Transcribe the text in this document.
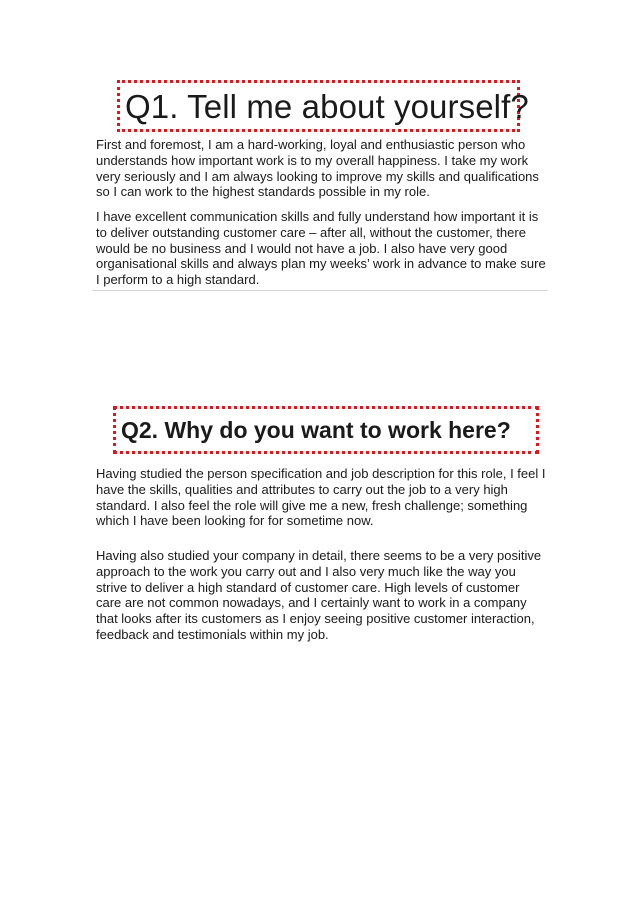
Q1. Tell me about yourself?

First and foremost, I am a hard-working, loyal and enthusiastic person who understands how important work is to my overall happiness. I take my work very seriously and I am always looking to improve my skills and qualifications so I can work to the highest standards possible in my role.

I have excellent communication skills and fully understand how important it is to deliver outstanding customer care – after all, without the customer, there would be no business and I would not have a job. I also have very good organisational skills and always plan my weeks’ work in advance to make sure I perform to a high standard.

Q2. Why do you want to work here?

Having studied the person specification and job description for this role, I feel I have the skills, qualities and attributes to carry out the job to a very high standard. I also feel the role will give me a new, fresh challenge; something which I have been looking for for sometime now.

Having also studied your company in detail, there seems to be a very positive approach to the work you carry out and I also very much like the way you strive to deliver a high standard of customer care. High levels of customer care are not common nowadays, and I certainly want to work in a company that looks after its customers as I enjoy seeing positive customer interaction, feedback and testimonials within my job.
